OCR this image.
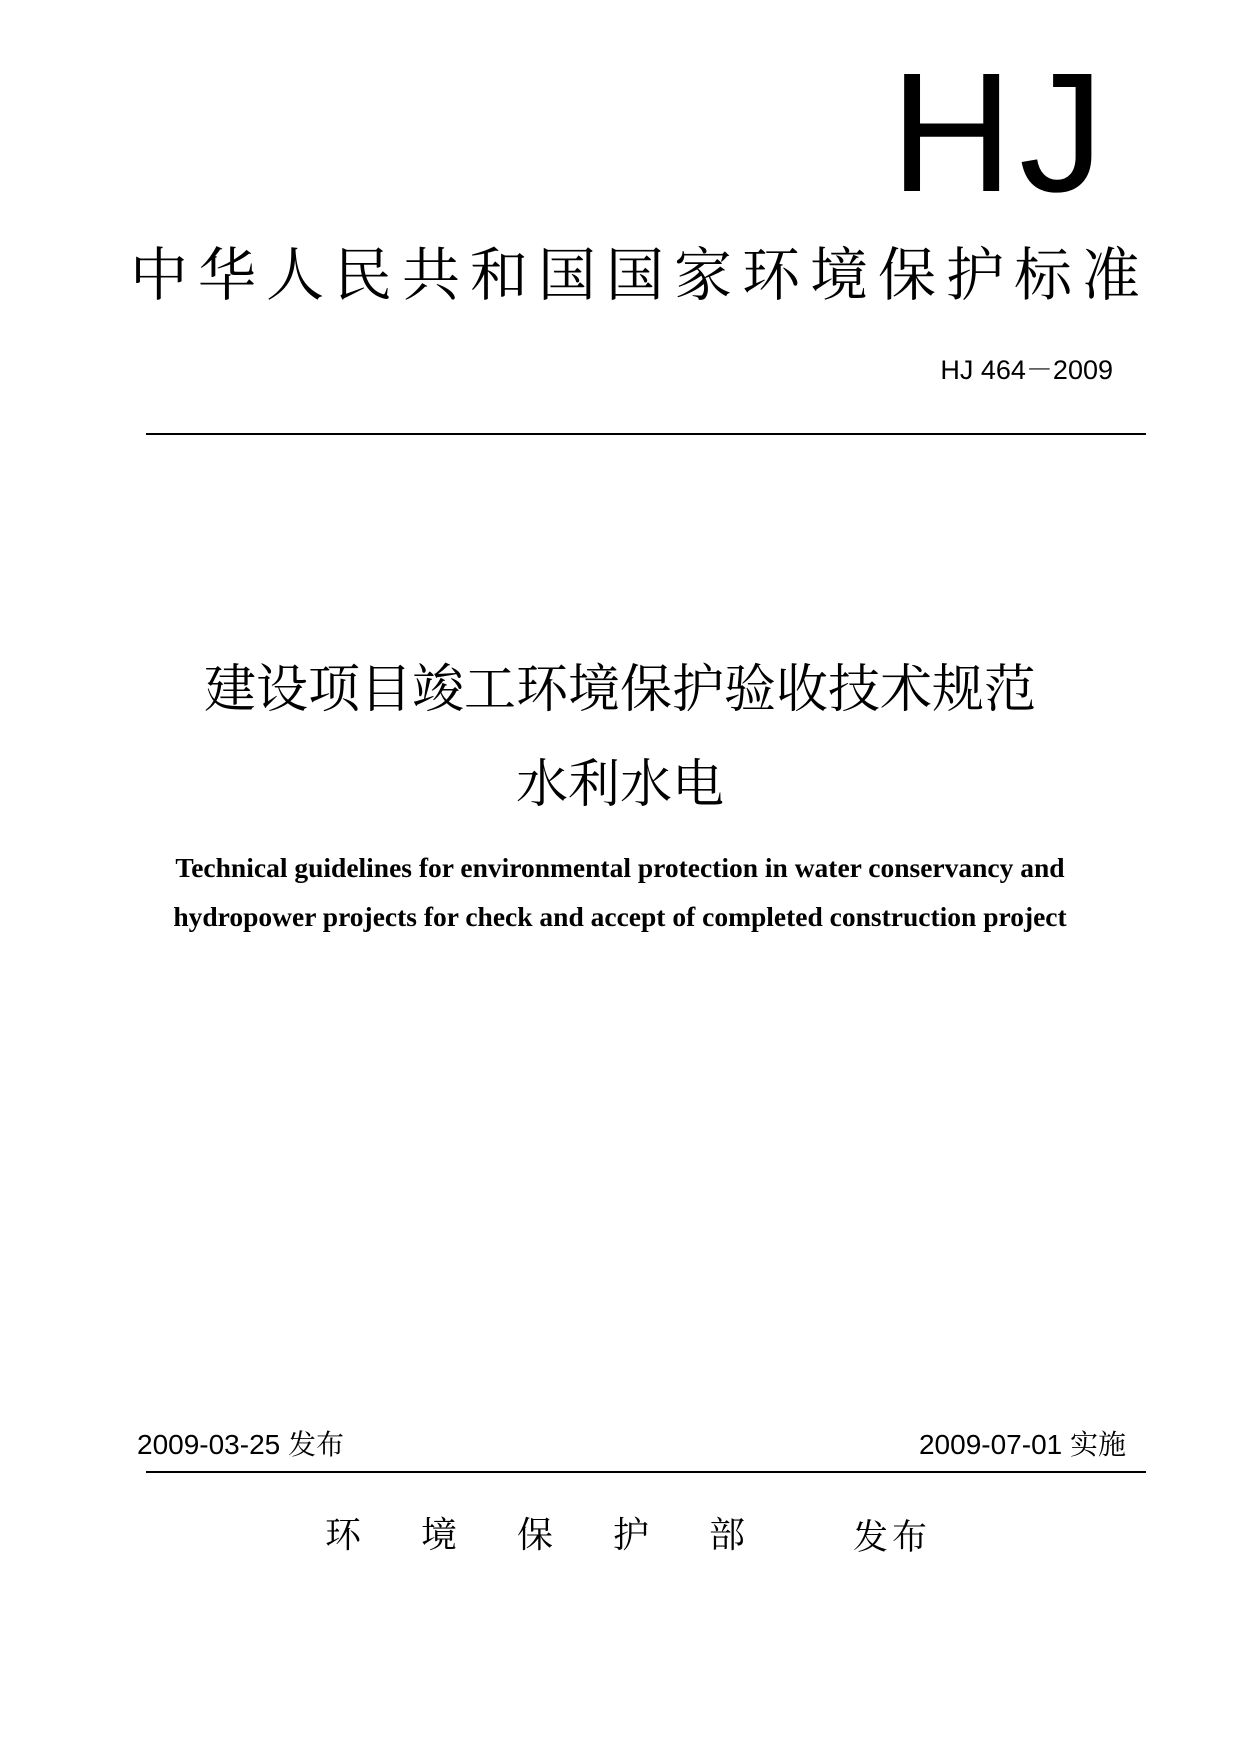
HJ
中华人民共和国国家环境保护标准
HJ 464－2009
建设项目竣工环境保护验收技术规范
水利水电
Technical guidelines for environmental protection in water conservancy and
hydropower projects for check and accept of completed construction project
2009-03-25 发布	2009-07-01 实施
环境保护部 发布
